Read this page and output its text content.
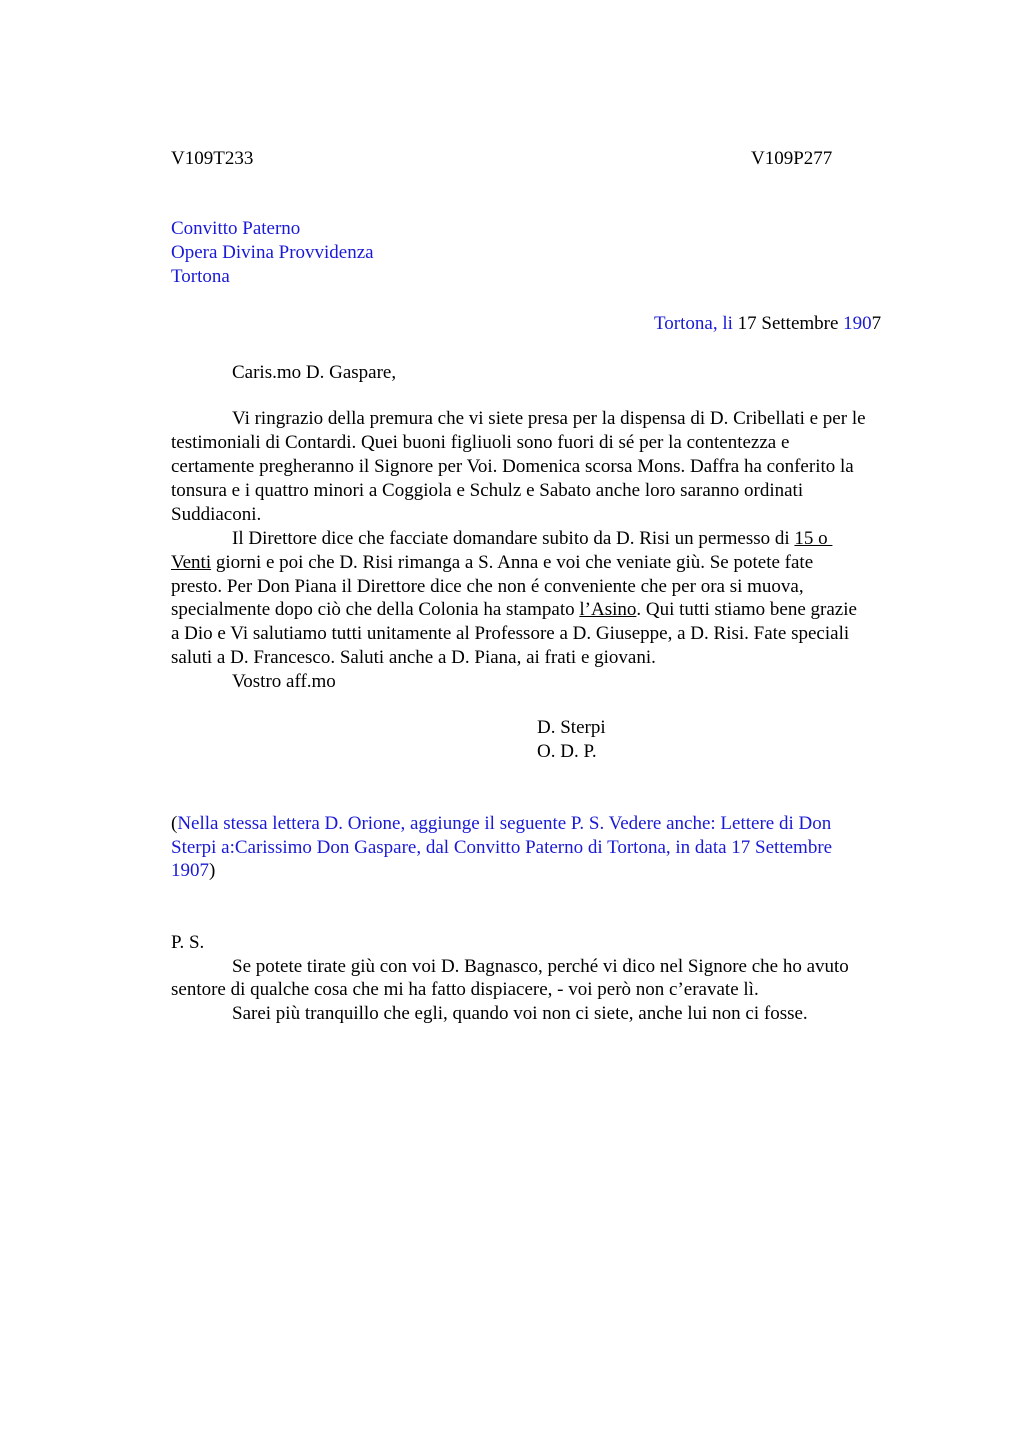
V109T233	V109P277
Convitto Paterno
Opera Divina Provvidenza
Tortona
Tortona, li 17 Settembre 1907
Caris.mo D. Gaspare,
Vi ringrazio della premura che vi siete presa per la dispensa di D. Cribellati e per le
testimoniali di Contardi. Quei buoni figliuoli sono fuori di sé per la contentezza e
certamente pregheranno il Signore per Voi. Domenica scorsa Mons. Daffra ha conferito la
tonsura e i quattro minori a Coggiola e Schulz e Sabato anche loro saranno ordinati
Suddiaconi.
Il Direttore dice che facciate domandare subito da D. Risi un permesso di 15 o
Venti giorni e poi che D. Risi rimanga a S. Anna e voi che veniate giù. Se potete fate
presto. Per Don Piana il Direttore dice che non é conveniente che per ora si muova,
specialmente dopo ciò che della Colonia ha stampato l’Asino. Qui tutti stiamo bene grazie
a Dio e Vi salutiamo tutti unitamente al Professore a D. Giuseppe, a D. Risi. Fate speciali
saluti a D. Francesco. Saluti anche a D. Piana, ai frati e giovani.
Vostro aff.mo
D. Sterpi
O. D. P.
(Nella stessa lettera D. Orione, aggiunge il seguente P. S. Vedere anche: Lettere di Don
Sterpi a:Carissimo Don Gaspare, dal Convitto Paterno di Tortona, in data 17 Settembre
1907)
P. S.
Se potete tirate giù con voi D. Bagnasco, perché vi dico nel Signore che ho avuto
sentore di qualche cosa che mi ha fatto dispiacere, - voi però non c’eravate lì.
Sarei più tranquillo che egli, quando voi non ci siete, anche lui non ci fosse.
